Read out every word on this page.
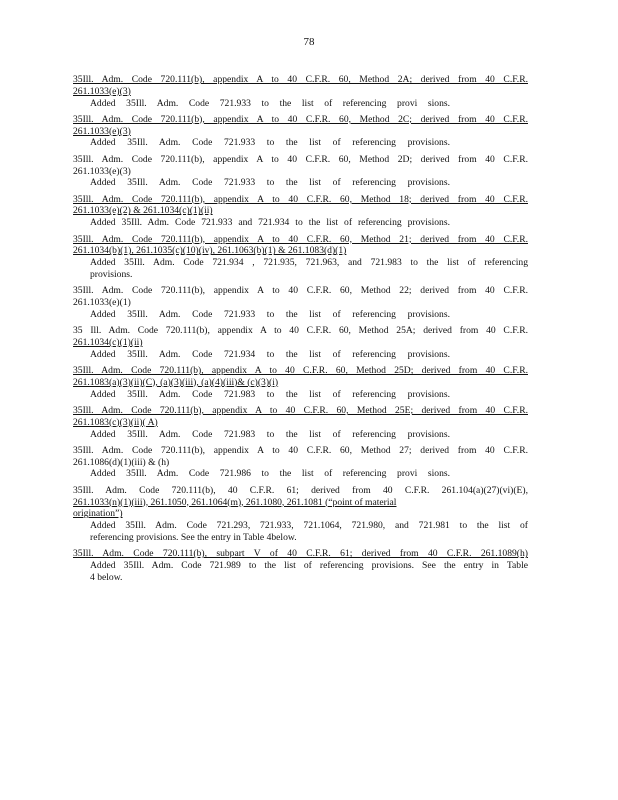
78
35Ill. Adm. Code 720.111(b), appendix A to 40 C.F.R. 60, Method 2A; derived from 40 C.F.R.
261.1033(e)(3)
Added 35Ill. Adm. Code 721.933 to the list of referencing provi sions.
35Ill. Adm. Code 720.111(b), appendix A to 40 C.F.R. 60, Method 2C; derived from 40 C.F.R.
261.1033(e)(3)
Added 35Ill. Adm. Code 721.933 to the list of referencing provisions.
35Ill. Adm. Code 720.111(b), appendix A to 40 C.F.R. 60, Method 2D; derived from 40 C.F.R.
261.1033(e)(3)
Added 35Ill. Adm. Code 721.933 to the list of referencing provisions.
35Ill. Adm. Code 720.111(b), appendix A to 40 C.F.R. 60, Method 18; derived from 40 C.F.R.
261.1033(e)(2) & 261.1034(c)(1)(ii)
Added 35Ill. Adm. Code 721.933 and 721.934 to the list of referencing provisions.
35Ill. Adm. Code 720.111(b), appendix A to 40 C.F.R. 60, Method 21; derived from 40 C.F.R.
261.1034(b)(1), 261.1035(c)(10)(iv), 261.1063(b)(1) & 261.1083(d)(1)
Added 35Ill. Adm. Code 721.934 , 721.935, 721.963, and 721.983 to the list of referencing
provisions.
35Ill. Adm. Code 720.111(b), appendix A to 40 C.F.R. 60, Method 22; derived from 40 C.F.R.
261.1033(e)(1)
Added 35Ill. Adm. Code 721.933 to the list of referencing provisions.
35 Ill. Adm. Code 720.111(b), appendix A to 40 C.F.R. 60, Method 25A; derived from 40 C.F.R.
261.1034(c)(1)(ii)
Added 35Ill. Adm. Code 721.934 to the list of referencing provisions.
35Ill. Adm. Code 720.111(b), appendix A to 40 C.F.R. 60, Method 25D; derived from 40 C.F.R.
261.1083(a)(3)(ii)(C), (a)(3)(iii), (a)(4)(iii)& (c)(3)(i)
Added 35Ill. Adm. Code 721.983 to the list of referencing provisions.
35Ill. Adm. Code 720.111(b), appendix A to 40 C.F.R. 60, Method 25E; derived from 40 C.F.R.
261.1083(c)(3)(ii)( A)
Added 35Ill. Adm. Code 721.983 to the list of referencing provisions.
35Ill. Adm. Code 720.111(b), appendix A to 40 C.F.R. 60, Method 27; derived from 40 C.F.R.
261.1086(d)(1)(iii) & (h)
Added 35Ill. Adm. Code 721.986 to the list of referencing provi sions.
35Ill. Adm. Code 720.111(b), 40 C.F.R. 61; derived from 40 C.F.R. 261.104(a)(27)(vi)(E),
261.1033(n)(1)(iii), 261.1050, 261.1064(m), 261.1080, 261.1081 (“point of material
origination”)
Added 35Ill. Adm. Code 721.293, 721.933, 721.1064, 721.980, and 721.981 to the list of
referencing provisions. See the entry in Table 4below.
35Ill. Adm. Code 720.111(b), subpart V of 40 C.F.R. 61; derived from 40 C.F.R. 261.1089(h)
Added 35Ill. Adm. Code 721.989 to the list of referencing provisions. See the entry in Table
4 below.
